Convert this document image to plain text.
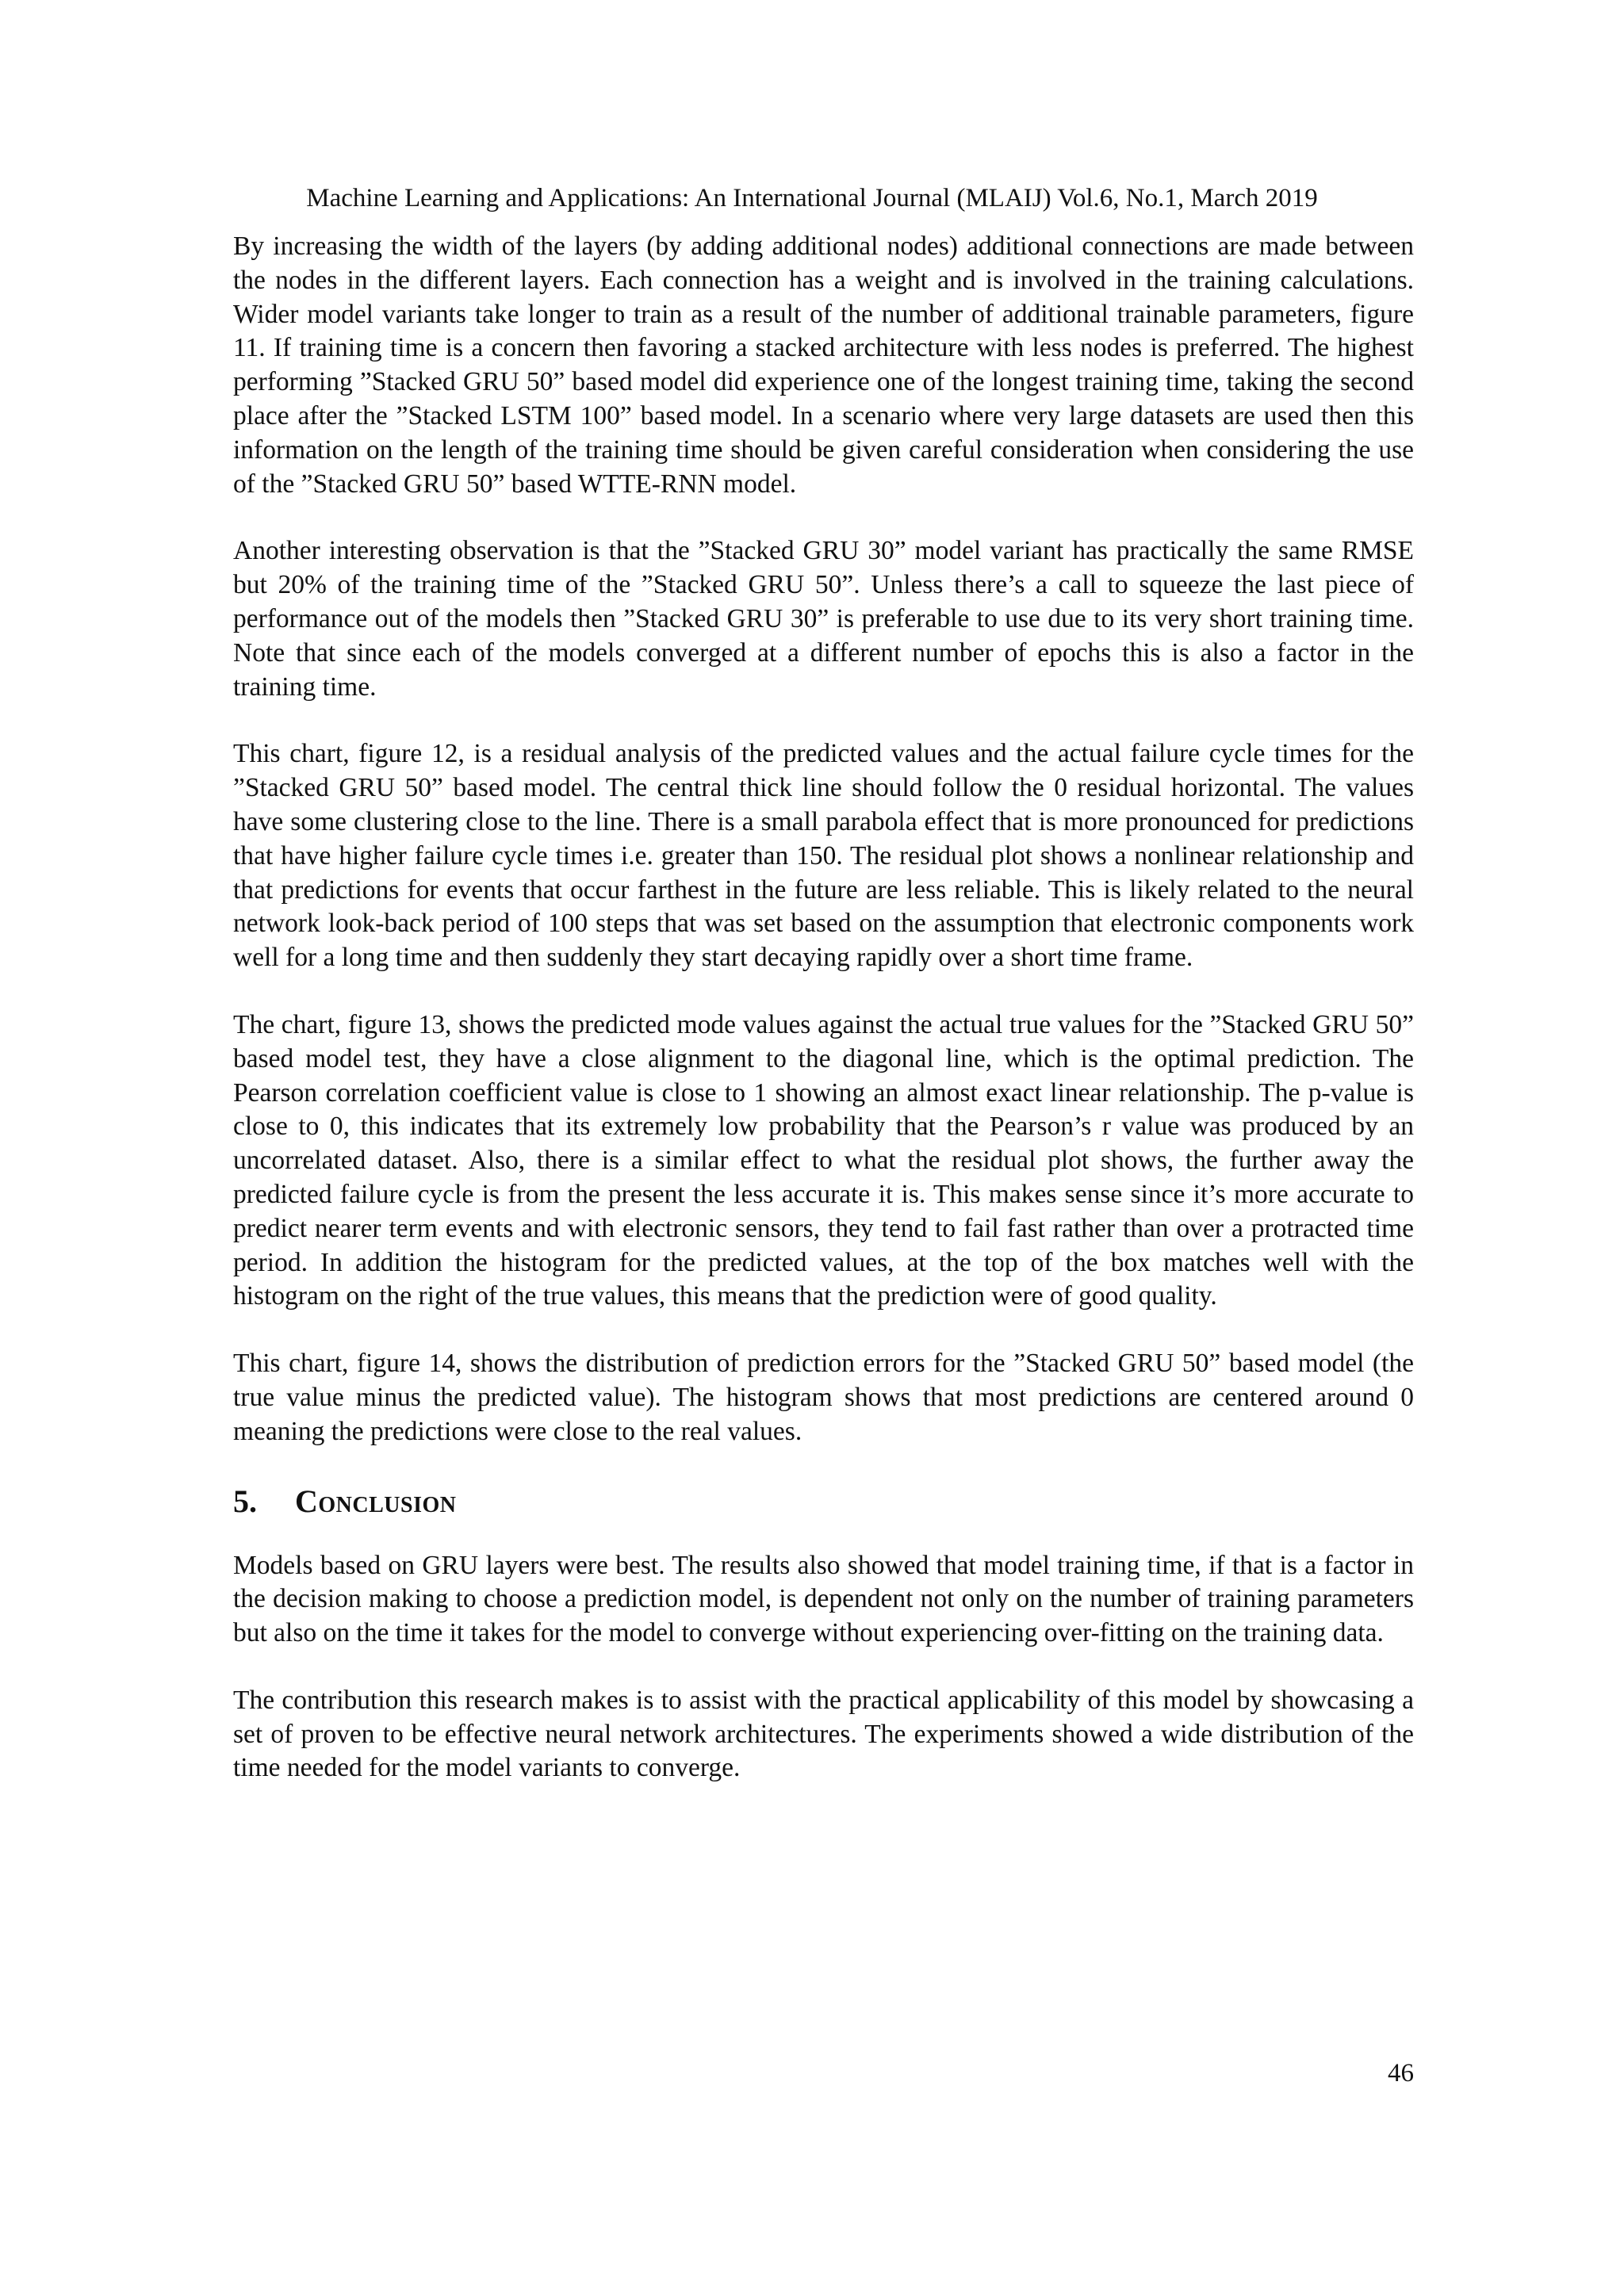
Machine Learning and Applications: An International Journal (MLAIJ) Vol.6, No.1, March 2019

By increasing the width of the layers (by adding additional nodes) additional connections are made between the nodes in the different layers. Each connection has a weight and is involved in the training calculations. Wider model variants take longer to train as a result of the number of additional trainable parameters, figure 11. If training time is a concern then favoring a stacked architecture with less nodes is preferred. The highest performing ”Stacked GRU 50” based model did experience one of the longest training time, taking the second place after the ”Stacked LSTM 100” based model. In a scenario where very large datasets are used then this information on the length of the training time should be given careful consideration when considering the use of the ”Stacked GRU 50” based WTTE-RNN model.

Another interesting observation is that the ”Stacked GRU 30” model variant has practically the same RMSE but 20% of the training time of the ”Stacked GRU 50”. Unless there’s a call to squeeze the last piece of performance out of the models then ”Stacked GRU 30” is preferable to use due to its very short training time. Note that since each of the models converged at a different number of epochs this is also a factor in the training time.

This chart, figure 12, is a residual analysis of the predicted values and the actual failure cycle times for the ”Stacked GRU 50” based model. The central thick line should follow the 0 residual horizontal. The values have some clustering close to the line. There is a small parabola effect that is more pronounced for predictions that have higher failure cycle times i.e. greater than 150. The residual plot shows a nonlinear relationship and that predictions for events that occur farthest in the future are less reliable. This is likely related to the neural network look-back period of 100 steps that was set based on the assumption that electronic components work well for a long time and then suddenly they start decaying rapidly over a short time frame.

The chart, figure 13, shows the predicted mode values against the actual true values for the ”Stacked GRU 50” based model test, they have a close alignment to the diagonal line, which is the optimal prediction. The Pearson correlation coefficient value is close to 1 showing an almost exact linear relationship. The p-value is close to 0, this indicates that its extremely low probability that the Pearson’s r value was produced by an uncorrelated dataset. Also, there is a similar effect to what the residual plot shows, the further away the predicted failure cycle is from the present the less accurate it is. This makes sense since it’s more accurate to predict nearer term events and with electronic sensors, they tend to fail fast rather than over a protracted time period. In addition the histogram for the predicted values, at the top of the box matches well with the histogram on the right of the true values, this means that the prediction were of good quality.

This chart, figure 14, shows the distribution of prediction errors for the ”Stacked GRU 50” based model (the true value minus the predicted value). The histogram shows that most predictions are centered around 0 meaning the predictions were close to the real values.

5. Conclusion

Models based on GRU layers were best. The results also showed that model training time, if that is a factor in the decision making to choose a prediction model, is dependent not only on the number of training parameters but also on the time it takes for the model to converge without experiencing over-fitting on the training data.

The contribution this research makes is to assist with the practical applicability of this model by showcasing a set of proven to be effective neural network architectures. The experiments showed a wide distribution of the time needed for the model variants to converge.

46
